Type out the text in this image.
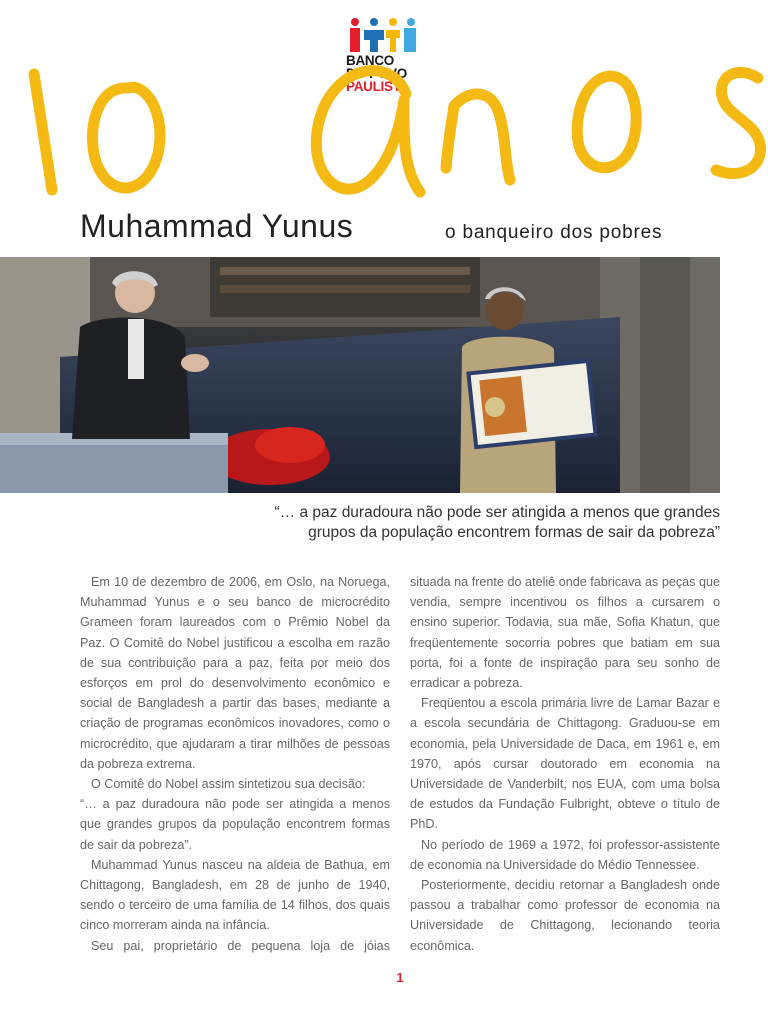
BANCO
DO POVO
PAULISTA
Muhammad Yunus	o banqueiro dos pobres
“… a paz duradoura não pode ser atingida a menos que grandes
grupos da população encontrem formas de sair da pobreza”

Em 10 de dezembro de 2006, em Oslo, na Noruega, Muhammad Yunus e o seu banco de microcrédito Grameen foram laureados com o Prêmio Nobel da Paz. O Comitê do Nobel justificou a escolha em razão de sua contribuição para a paz, feita por meio dos esforços em prol do desenvolvimento econômico e social de Bangladesh a partir das bases, mediante a criação de programas econômicos inovadores, como o microcrédito, que ajudaram a tirar milhões de pessoas da pobreza extrema.

O Comitê do Nobel assim sintetizou sua decisão:

“… a paz duradoura não pode ser atingida a menos que grandes grupos da população encontrem formas de sair da pobreza”.

Muhammad Yunus nasceu na aldeia de Bathua, em Chittagong, Bangladesh, em 28 de junho de 1940, sendo o terceiro de uma família de 14 filhos, dos quais cinco morreram ainda na infância.

Seu pai, proprietário de pequena loja de jóias

situada na frente do ateliê onde fabricava as peças que vendia, sempre incentivou os filhos a cursarem o ensino superior. Todavia, sua mãe, Sofia Khatun, que freqüentemente socorria pobres que batiam em sua porta, foi a fonte de inspiração para seu sonho de erradicar a pobreza.

Freqüentou a escola primária livre de Lamar Bazar e a escola secundária de Chittagong. Graduou-se em economia, pela Universidade de Daca, em 1961 e, em 1970, após cursar doutorado em economia na Universidade de Vanderbilt, nos EUA, com uma bolsa de estudos da Fundação Fulbright, obteve o título de PhD.

No período de 1969 a 1972, foi professor-assistente de economia na Universidade do Médio Tennessee.

Posteriormente, decidiu retornar a Bangladesh onde passou a trabalhar como professor de economia na Universidade de Chittagong, lecionando teoria econômica.

1
